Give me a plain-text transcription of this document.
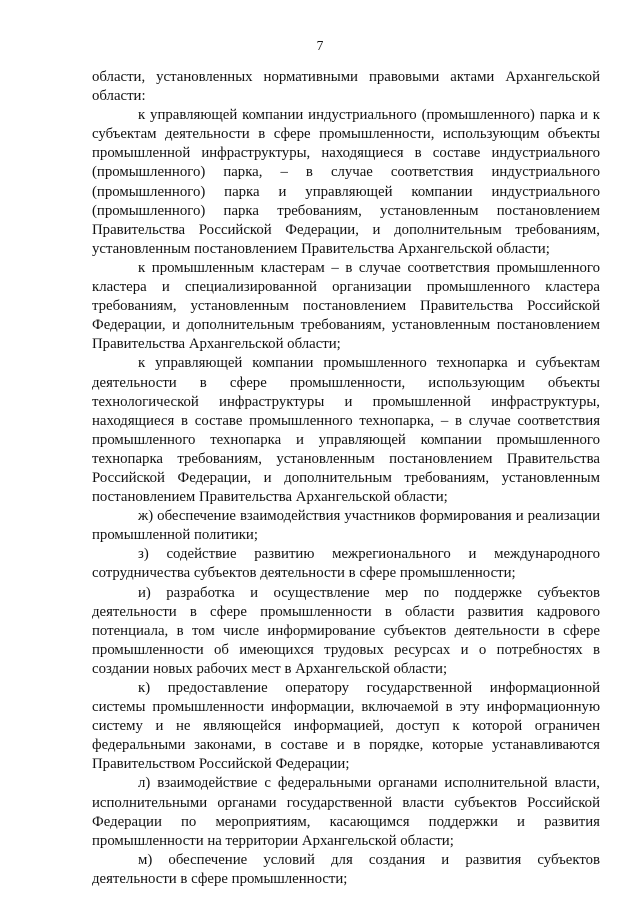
7

области, установленных нормативными правовыми актами Архангельской области:

к управляющей компании индустриального (промышленного) парка и к субъектам деятельности в сфере промышленности, использующим объекты промышленной инфраструктуры, находящиеся в составе индустриального (промышленного) парка, – в случае соответствия индустриального (промышленного) парка и управляющей компании индустриального (промышленного) парка требованиям, установленным постановлением Правительства Российской Федерации, и дополнительным требованиям, установленным постановлением Правительства Архангельской области;

к промышленным кластерам – в случае соответствия промышленного кластера и специализированной организации промышленного кластера требованиям, установленным постановлением Правительства Российской Федерации, и дополнительным требованиям, установленным постановлением Правительства Архангельской области;

к управляющей компании промышленного технопарка и субъектам деятельности в сфере промышленности, использующим объекты технологической инфраструктуры и промышленной инфраструктуры, находящиеся в составе промышленного технопарка, – в случае соответствия промышленного технопарка и управляющей компании промышленного технопарка требованиям, установленным постановлением Правительства Российской Федерации, и дополнительным требованиям, установленным постановлением Правительства Архангельской области;

ж) обеспечение взаимодействия участников формирования и реализации промышленной политики;

з) содействие развитию межрегионального и международного сотрудничества субъектов деятельности в сфере промышленности;

и) разработка и осуществление мер по поддержке субъектов деятельности в сфере промышленности в области развития кадрового потенциала, в том числе информирование субъектов деятельности в сфере промышленности об имеющихся трудовых ресурсах и о потребностях в создании новых рабочих мест в Архангельской области;

к) предоставление оператору государственной информационной системы промышленности информации, включаемой в эту информационную систему и не являющейся информацией, доступ к которой ограничен федеральными законами, в составе и в порядке, которые устанавливаются Правительством Российской Федерации;

л) взаимодействие с федеральными органами исполнительной власти, исполнительными органами государственной власти субъектов Российской Федерации по мероприятиям, касающимся поддержки и развития промышленности на территории Архангельской области;

м) обеспечение условий для создания и развития субъектов деятельности в сфере промышленности;
